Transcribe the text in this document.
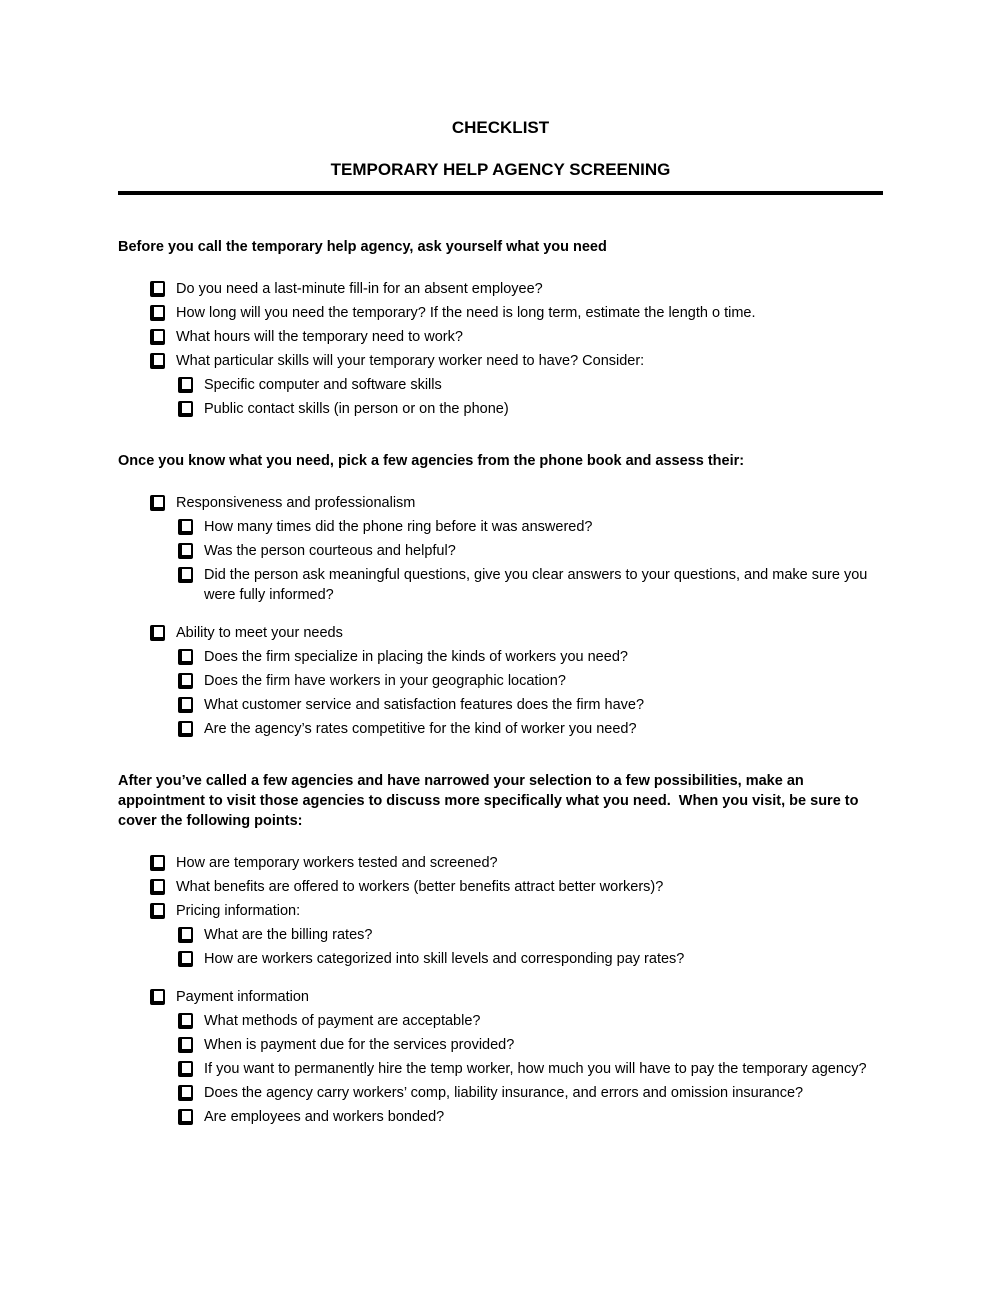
CHECKLIST
TEMPORARY HELP AGENCY SCREENING
Before you call the temporary help agency, ask yourself what you need
Do you need a last-minute fill-in for an absent employee?
How long will you need the temporary? If the need is long term, estimate the length o time.
What hours will the temporary need to work?
What particular skills will your temporary worker need to have? Consider:
Specific computer and software skills
Public contact skills (in person or on the phone)
Once you know what you need, pick a few agencies from the phone book and assess their:
Responsiveness and professionalism
How many times did the phone ring before it was answered?
Was the person courteous and helpful?
Did the person ask meaningful questions, give you clear answers to your questions, and make sure you were fully informed?
Ability to meet your needs
Does the firm specialize in placing the kinds of workers you need?
Does the firm have workers in your geographic location?
What customer service and satisfaction features does the firm have?
Are the agency’s rates competitive for the kind of worker you need?
After you’ve called a few agencies and have narrowed your selection to a few possibilities, make an appointment to visit those agencies to discuss more specifically what you need.  When you visit, be sure to cover the following points:
How are temporary workers tested and screened?
What benefits are offered to workers (better benefits attract better workers)?
Pricing information:
What are the billing rates?
How are workers categorized into skill levels and corresponding pay rates?
Payment information
What methods of payment are acceptable?
When is payment due for the services provided?
If you want to permanently hire the temp worker, how much you will have to pay the temporary agency?
Does the agency carry workers’ comp, liability insurance, and errors and omission insurance?
Are employees and workers bonded?
